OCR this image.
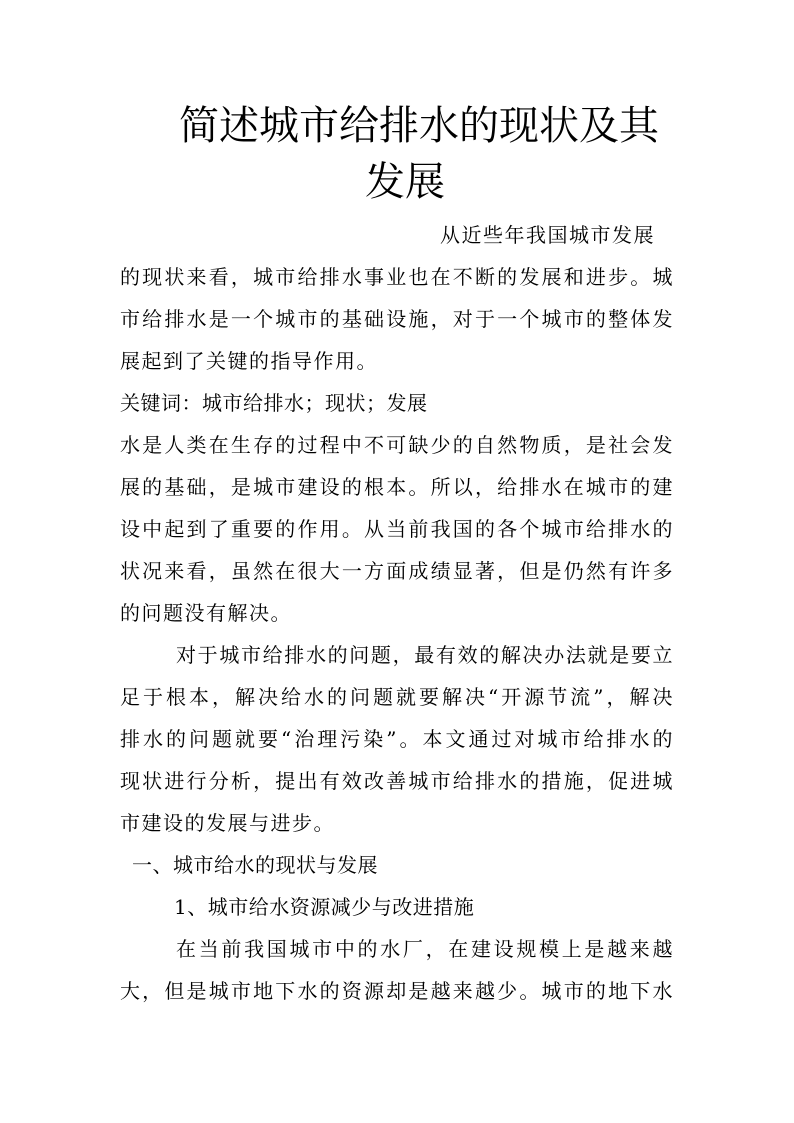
简述城市给排水的现状及其
发展
从近些年我国城市发展
的现状来看，城市给排水事业也在不断的发展和进步。城
市给排水是一个城市的基础设施，对于一个城市的整体发
展起到了关键的指导作用。
关键词：城市给排水；现状；发展
水是人类在生存的过程中不可缺少的自然物质，是社会发
展的基础，是城市建设的根本。所以，给排水在城市的建
设中起到了重要的作用。从当前我国的各个城市给排水的
状况来看，虽然在很大一方面成绩显著，但是仍然有许多
的问题没有解决。
对于城市给排水的问题，最有效的解决办法就是要立
足于根本，解决给水的问题就要解决“开源节流”，解决
排水的问题就要“治理污染”。本文通过对城市给排水的
现状进行分析，提出有效改善城市给排水的措施，促进城
市建设的发展与进步。
一、城市给水的现状与发展
1、城市给水资源减少与改进措施
在当前我国城市中的水厂，在建设规模上是越来越
大，但是城市地下水的资源却是越来越少。城市的地下水
